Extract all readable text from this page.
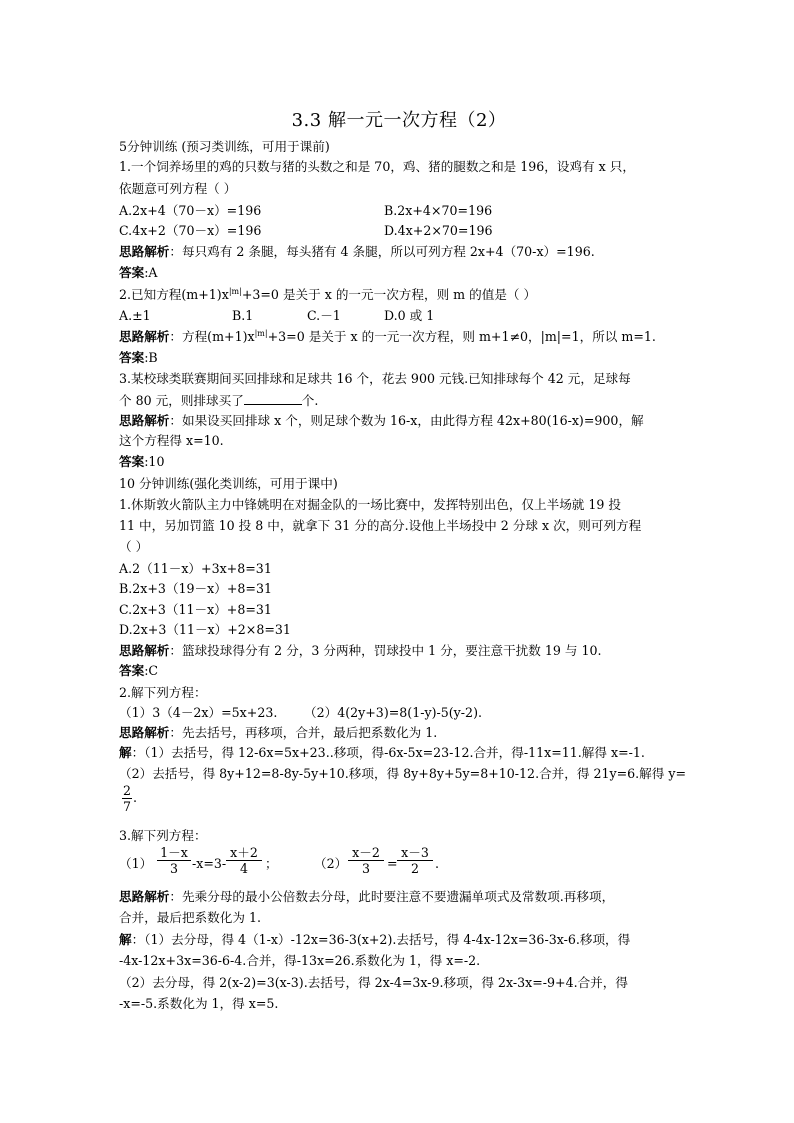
3.3 解一元一次方程（2）
5分钟训练 (预习类训练，可用于课前)
1.一个饲养场里的鸡的只数与猪的头数之和是 70，鸡、猪的腿数之和是 196，设鸡有 x 只，
依题意可列方程（ ）
A.2x+4（70－x）=196	B.2x+4×70=196
C.4x+2（70－x）=196	D.4x+2×70=196
思路解析：每只鸡有 2 条腿，每头猪有 4 条腿，所以可列方程 2x+4（70-x）=196.
答案:A
2.已知方程$(m+1)x^{|m|}+3=0$ 是关于 x 的一元一次方程，则 m 的值是（ ）
A.±1	B.1	C.－1	D.0 或 1
思路解析：方程$(m+1)x^{|m|}+3=0$ 是关于 x 的一元一次方程，则 m+1≠0，|m|=1，所以 m=1.
答案:B
3.某校球类联赛期间买回排球和足球共 16 个，花去 900 元钱.已知排球每个 42 元，足球每
个 80 元，则排球买了	个.
思路解析：如果设买回排球 x 个，则足球个数为 16-x，由此得方程 42x+80(16-x)=900，解
这个方程得 x=10.
答案:10
10 分钟训练(强化类训练，可用于课中)
1.休斯敦火箭队主力中锋姚明在对掘金队的一场比赛中，发挥特别出色，仅上半场就 19 投
11 中，另加罚篮 10 投 8 中，就拿下 31 分的高分.设他上半场投中 2 分球 x 次，则可列方程
（ ）
A.2（11－x）+3x+8=31
B.2x+3（19－x）+8=31
C.2x+3（11－x）+8=31
D.2x+3（11－x）+2×8=31
思路解析：篮球投球得分有 2 分，3 分两种，罚球投中 1 分，要注意干扰数 19 与 10.
答案:C
2.解下列方程：
（1）3（4－2x）=5x+23. （2）4(2y+3)=8(1-y)-5(y-2).
思路解析：先去括号，再移项，合并，最后把系数化为 1.
解：（1）去括号，得 12-6x=5x+23..移项，得-6x-5x=23-12.合并，得-11x=11.解得 x=-1.
（2）去括号，得 8y+12=8-8y-5y+10.移项，得 8y+8y+5y=8+10-12.合并，得 21y=6.解得 y=
2
7
.
3.解下列方程：
（1）
1－x
3	-x=3-
x＋2
4	；	（2）
x－2
3	=
x－3
2	.
思路解析：先乘分母的最小公倍数去分母，此时要注意不要遗漏单项式及常数项.再移项，
合并，最后把系数化为 1.
解：（1）去分母，得 4（1-x）-12x=36-3(x+2).去括号，得 4-4x-12x=36-3x-6.移项，得
-4x-12x+3x=36-6-4.合并，得-13x=26.系数化为 1，得 x=-2.
（2）去分母，得 2(x-2)=3(x-3).去括号，得 2x-4=3x-9.移项，得 2x-3x=-9+4.合并，得
-x=-5.系数化为 1，得 x=5.
